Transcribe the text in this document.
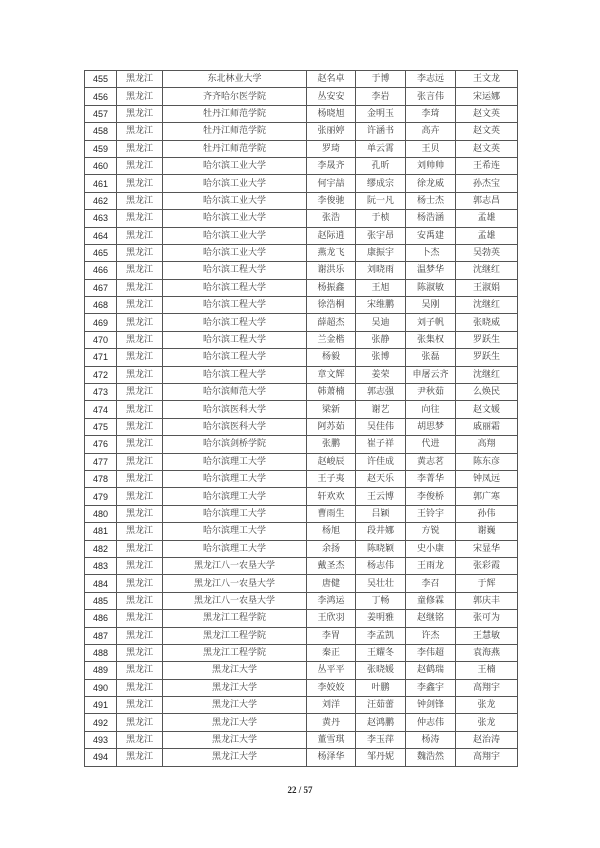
455	黑龙江	东北林业大学	赵名卓	于博	李志远	王文龙
456	黑龙江	齐齐哈尔医学院	丛安安	李岩	张言伟	宋运娜
457	黑龙江	牡丹江师范学院	杨晓旭	金明玉	李琦	赵文英
458	黑龙江	牡丹江师范学院	张丽婷	许涵书	高卉	赵文英
459	黑龙江	牡丹江师范学院	罗琦	单云霄	王贝	赵文英
460	黑龙江	哈尔滨工业大学	李晟齐	孔昕	刘帅帅	王希连
461	黑龙江	哈尔滨工业大学	何宇喆	缪成宗	徐龙威	孙杰宝
462	黑龙江	哈尔滨工业大学	李俊驰	阮一凡	杨士杰	郭志昌
463	黑龙江	哈尔滨工业大学	张浩	于桢	杨浩涵	孟雄
464	黑龙江	哈尔滨工业大学	赵际逍	张宇昂	安禹建	孟雄
465	黑龙江	哈尔滨工业大学	燕龙飞	康振宇	卜杰	吴勃英
466	黑龙江	哈尔滨工程大学	谢洪乐	刘晓雨	温梦华	沈继红
467	黑龙江	哈尔滨工程大学	杨振鑫	王旭	陈淑敏	王淑娟
468	黑龙江	哈尔滨工程大学	徐浩桐	宋维鹏	吴刚	沈继红
469	黑龙江	哈尔滨工程大学	薛超杰	吴迪	刘子帆	张晓威
470	黑龙江	哈尔滨工程大学	兰金楷	张静	张集权	罗跃生
471	黑龙江	哈尔滨工程大学	杨毅	张博	张磊	罗跃生
472	黑龙江	哈尔滨工程大学	章文辉	姜荣	申屠云齐	沈继红
473	黑龙江	哈尔滨师范大学	韩萧楠	郭志强	尹秋茹	么焕民
474	黑龙江	哈尔滨医科大学	梁新	谢艺	向往	赵文媛
475	黑龙江	哈尔滨医科大学	阿苏茹	吴佳伟	胡思梦	戚丽霜
476	黑龙江	哈尔滨剑桥学院	张鹏	崔子祥	代进	高翔
477	黑龙江	哈尔滨理工大学	赵峻辰	许佳成	黄志茗	陈东彦
478	黑龙江	哈尔滨理工大学	王子夷	赵天乐	李菁华	钟凤远
479	黑龙江	哈尔滨理工大学	轩欢欢	王云博	李俊桥	郭广寒
480	黑龙江	哈尔滨理工大学	曹雨生	吕颖	王铃宇	孙伟
481	黑龙江	哈尔滨理工大学	杨旭	段井娜	方锐	谢巍
482	黑龙江	哈尔滨理工大学	余扬	陈晓颖	史小康	宋显华
483	黑龙江	黑龙江八一农垦大学	戴圣杰	杨志伟	王雨龙	张彩霞
484	黑龙江	黑龙江八一农垦大学	唐健	吴壮壮	李召	于辉
485	黑龙江	黑龙江八一农垦大学	李鸿运	丁畅	童修霖	郭庆丰
486	黑龙江	黑龙江工程学院	王欣羽	姜明雅	赵继铭	张可为
487	黑龙江	黑龙江工程学院	李胃	李孟凯	许杰	王慧敏
488	黑龙江	黑龙江工程学院	秦正	王耀冬	李伟超	袁海燕
489	黑龙江	黑龙江大学	丛平平	张晓媛	赵鹤瑞	王楠
490	黑龙江	黑龙江大学	李姣姣	叶鹏	李鑫宇	高翔宇
491	黑龙江	黑龙江大学	刘洋	汪茹蕾	钟剑锋	张龙
492	黑龙江	黑龙江大学	黄丹	赵鸿鹏	仲志伟	张龙
493	黑龙江	黑龙江大学	董雪琪	李玉萍	杨涛	赵治涛
494	黑龙江	黑龙江大学	杨泽华	邹丹妮	魏浩然	高翔宇
22 / 57
